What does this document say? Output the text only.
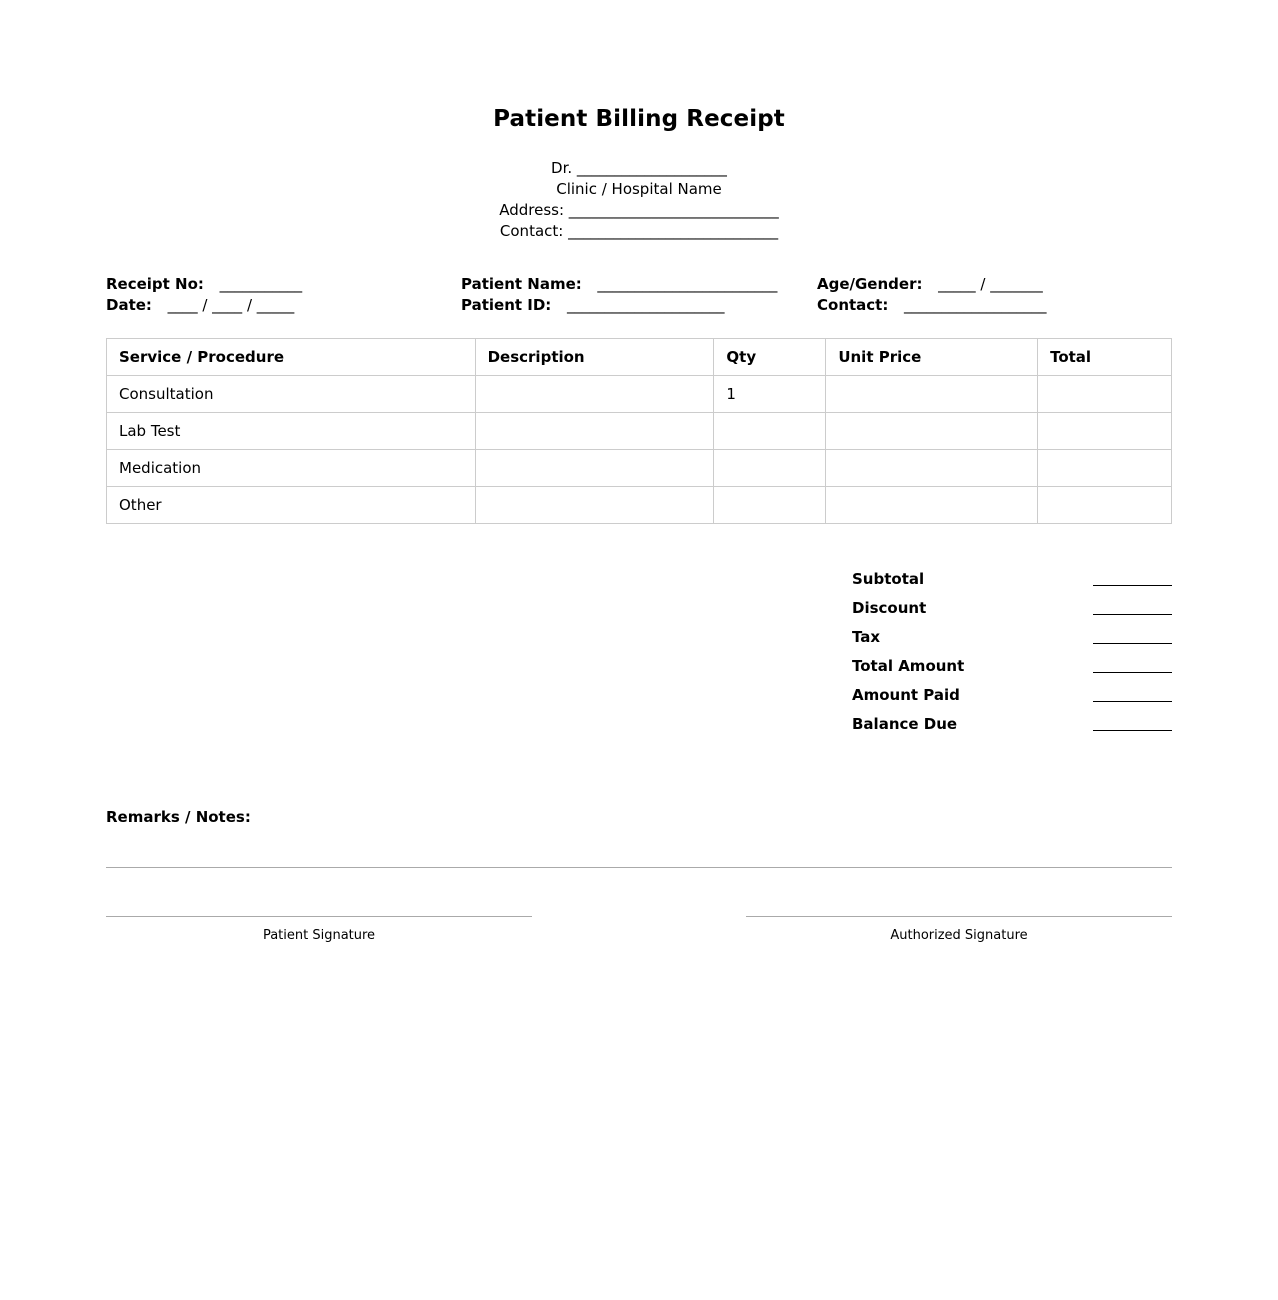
Patient Billing Receipt
Dr. ____________________
Clinic / Hospital Name
Address: ____________________________
Contact: ____________________________
Receipt No: ___________
Date: ____ / ____ / _____
Patient Name: ________________________
Patient ID: _____________________
Age/Gender: _____ / _______
Contact: ___________________
Service / Procedure	Description	Qty	Unit Price	Total
Consultation		1		
Lab Test				
Medication				
Other				
Subtotal
Discount
Tax
Total Amount
Amount Paid
Balance Due
Remarks / Notes:
Patient Signature	Authorized Signature
